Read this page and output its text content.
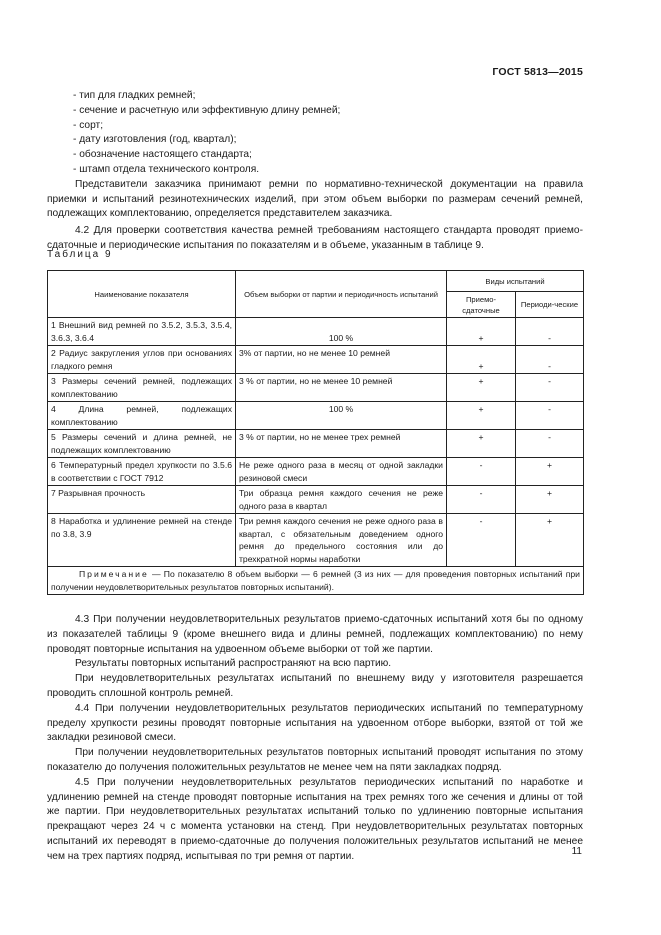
ГОСТ 5813—2015

- тип для гладких ремней;

- сечение и расчетную или эффективную длину ремней;

- сорт;

- дату изготовления (год, квартал);

- обозначение настоящего стандарта;

- штамп отдела технического контроля.

Представители заказчика принимают ремни по нормативно-технической документации на правила приемки и испытаний резинотехнических изделий, при этом объем выборки по размерам сечений ремней, подлежащих комплектованию, определяется представителем заказчика.

4.2 Для проверки соответствия качества ремней требованиям настоящего стандарта проводят приемо-сдаточные и периодические испытания по показателям и в объеме, указанным в таблице 9.

Таблица 9
Наименование показателя	Объем выборки от партии и периодичность испытаний	Виды испытаний	
		Приемо-сдаточные	Периоди-ческие
1 Внешний вид ремней по 3.5.2, 3.5.3, 3.5.4, 3.6.3, 3.6.4	100 %	+	-
2 Радиус закругления углов при основаниях гладкого ремня	3% от партии, но не менее 10 ремней	+	-
3 Размеры сечений ремней, подлежащих комплектованию	3 % от партии, но не менее 10 ремней	+	-
4 Длина ремней, подлежащих комплектованию	100 %	+	-
5 Размеры сечений и длина ремней, не подлежащих комплектованию	3 % от партии, но не менее трех ремней	+	-
6 Температурный предел хрупкости по 3.5.6 в соответствии с ГОСТ 7912	Не реже одного раза в месяц от одной закладки резиновой смеси	-	+
7 Разрывная прочность	Три образца ремня каждого сечения не реже одного раза в квартал	-	+
8 Наработка и удлинение ремней на стенде по 3.8, 3.9	Три ремня каждого сечения не реже одного раза в квартал, с обязательным доведением одного ремня до предельного состояния или до трехкратной нормы наработки	-	+
Примечание — По показателю 8 объем выборки — 6 ремней (3 из них — для проведения повторных испытаний при получении неудовлетворительных результатов повторных испытаний).			

4.3 При получении неудовлетворительных результатов приемо-сдаточных испытаний хотя бы по одному из показателей таблицы 9 (кроме внешнего вида и длины ремней, подлежащих комплектованию) по нему проводят повторные испытания на удвоенном объеме выборки от той же партии.

Результаты повторных испытаний распространяют на всю партию.

При неудовлетворительных результатах испытаний по внешнему виду у изготовителя разрешается проводить сплошной контроль ремней.

4.4 При получении неудовлетворительных результатов периодических испытаний по температурному пределу хрупкости резины проводят повторные испытания на удвоенном отборе выборки, взятой от той же закладки резиновой смеси.

При получении неудовлетворительных результатов повторных испытаний проводят испытания по этому показателю до получения положительных результатов не менее чем на пяти закладках подряд.

4.5 При получении неудовлетворительных результатов периодических испытаний по наработке и удлинению ремней на стенде проводят повторные испытания на трех ремнях того же сечения и длины от той же партии. При неудовлетворительных результатах испытаний только по удлинению повторные испытания прекращают через 24 ч с момента установки на стенд. При неудовлетворительных результатах повторных испытаний их переводят в приемо-сдаточные до получения положительных результатов испытаний не менее чем на трех партиях подряд, испытывая по три ремня от партии.	11
